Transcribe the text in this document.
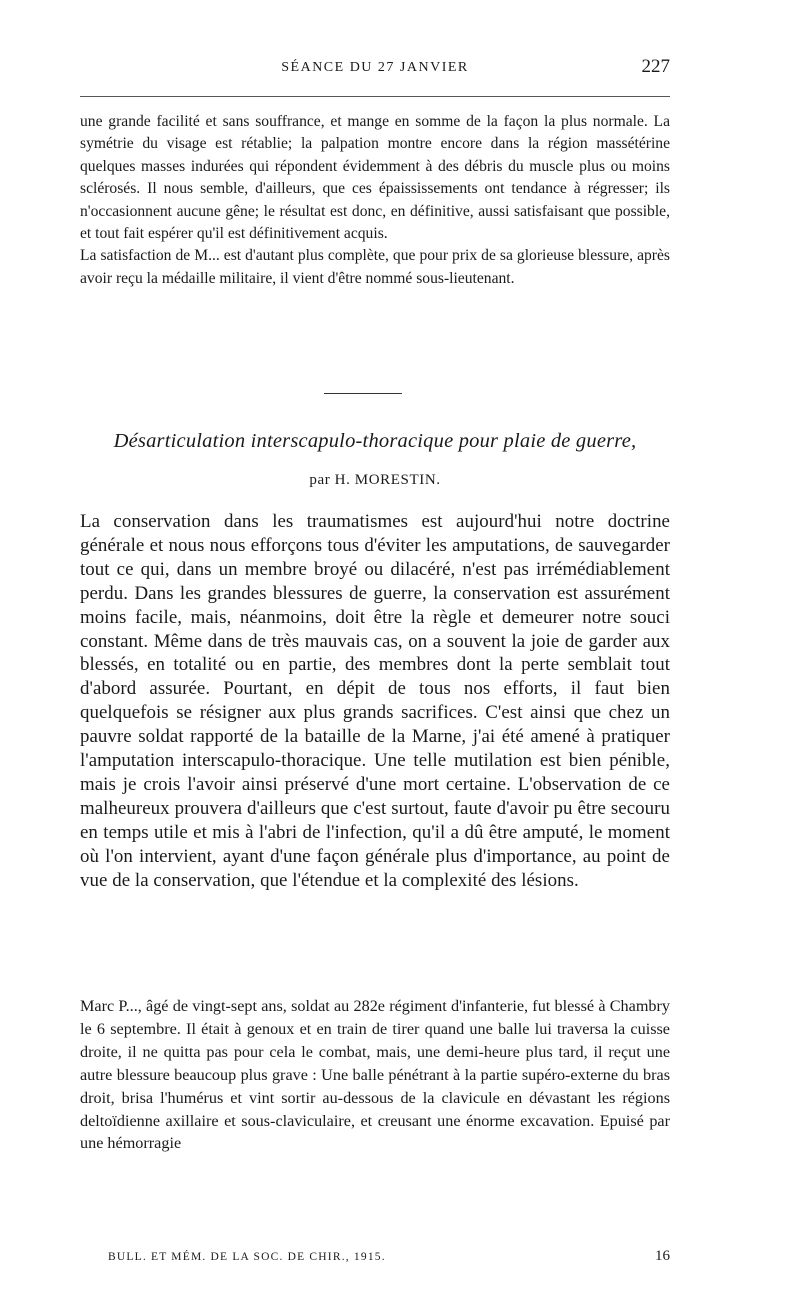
SÉANCE DU 27 JANVIER	227

une grande facilité et sans souffrance, et mange en somme de la façon la plus normale. La symétrie du visage est rétablie; la palpation montre encore dans la région massétérine quelques masses indurées qui répondent évidemment à des débris du muscle plus ou moins sclérosés. Il nous semble, d'ailleurs, que ces épaississements ont tendance à régresser; ils n'occasionnent aucune gêne; le résultat est donc, en définitive, aussi satisfaisant que possible, et tout fait espérer qu'il est définitivement acquis.

La satisfaction de M... est d'autant plus complète, que pour prix de sa glorieuse blessure, après avoir reçu la médaille militaire, il vient d'être nommé sous-lieutenant.

Désarticulation interscapulo-thoracique pour plaie de guerre,
par H. MORESTIN.

La conservation dans les traumatismes est aujourd'hui notre doctrine générale et nous nous efforçons tous d'éviter les amputations, de sauvegarder tout ce qui, dans un membre broyé ou dilacéré, n'est pas irrémédiablement perdu. Dans les grandes blessures de guerre, la conservation est assurément moins facile, mais, néanmoins, doit être la règle et demeurer notre souci constant. Même dans de très mauvais cas, on a souvent la joie de garder aux blessés, en totalité ou en partie, des membres dont la perte semblait tout d'abord assurée. Pourtant, en dépit de tous nos efforts, il faut bien quelquefois se résigner aux plus grands sacrifices. C'est ainsi que chez un pauvre soldat rapporté de la bataille de la Marne, j'ai été amené à pratiquer l'amputation interscapulo-thoracique. Une telle mutilation est bien pénible, mais je crois l'avoir ainsi préservé d'une mort certaine. L'observation de ce malheureux prouvera d'ailleurs que c'est surtout, faute d'avoir pu être secouru en temps utile et mis à l'abri de l'infection, qu'il a dû être amputé, le moment où l'on intervient, ayant d'une façon générale plus d'importance, au point de vue de la conservation, que l'étendue et la complexité des lésions.

Marc P..., âgé de vingt-sept ans, soldat au 282e régiment d'infanterie, fut blessé à Chambry le 6 septembre. Il était à genoux et en train de tirer quand une balle lui traversa la cuisse droite, il ne quitta pas pour cela le combat, mais, une demi-heure plus tard, il reçut une autre blessure beaucoup plus grave : Une balle pénétrant à la partie supéro-externe du bras droit, brisa l'humérus et vint sortir au-dessous de la clavicule en dévastant les régions deltoïdienne axillaire et sous-claviculaire, et creusant une énorme excavation. Epuisé par une hémorragie

BULL. ET MÉM. DE LA SOC. DE CHIR., 1915.	16
